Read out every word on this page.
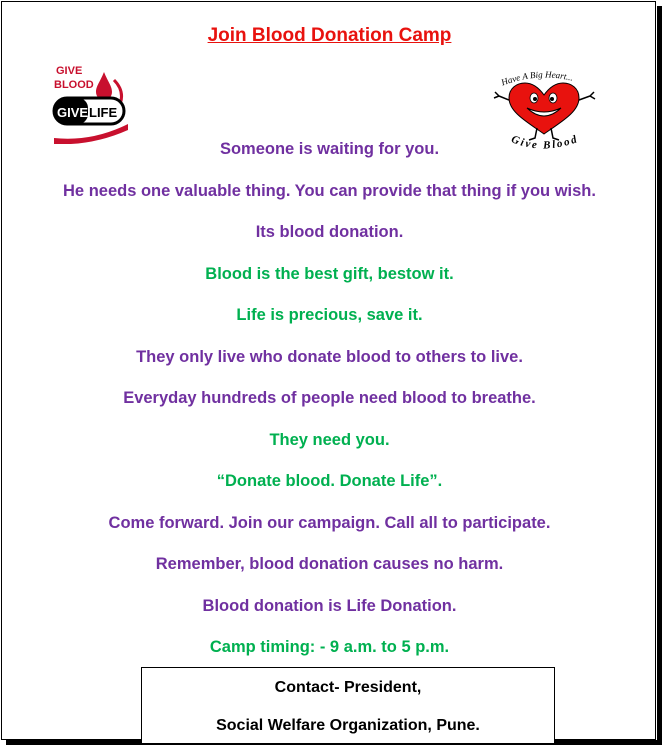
Join Blood Donation Camp
GIVE
BLOOD
GIVE LIFE
Have A Big Heart...
Give Blood
Someone is waiting for you.
He needs one valuable thing. You can provide that thing if you wish.
Its blood donation.
Blood is the best gift, bestow it.
Life is precious, save it.
They only live who donate blood to others to live.
Everyday hundreds of people need blood to breathe.
They need you.
“Donate blood. Donate Life”.
Come forward. Join our campaign. Call all to participate.
Remember, blood donation causes no harm.
Blood donation is Life Donation.
Camp timing: - 9 a.m. to 5 p.m.
Contact- President,
Social Welfare Organization, Pune.
